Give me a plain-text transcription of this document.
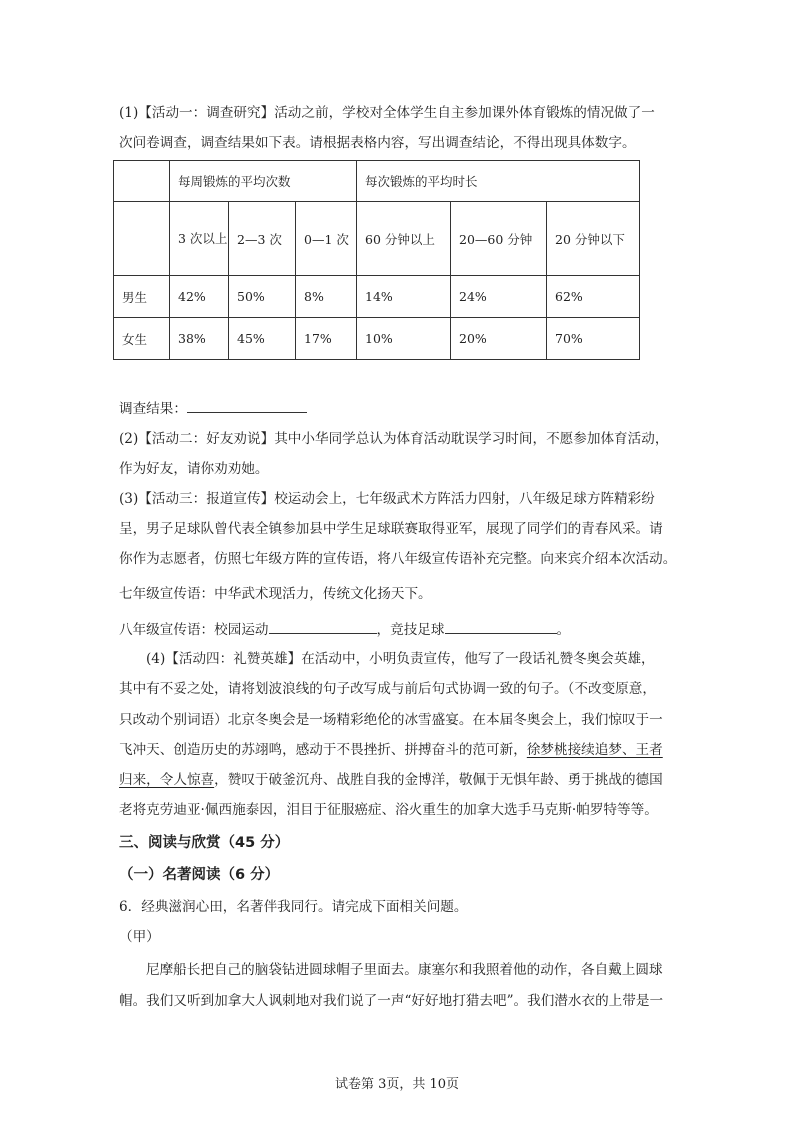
(1)【活动一：调查研究】活动之前，学校对全体学生自主参加课外体育锻炼的情况做了一
次问卷调查，调查结果如下表。请根据表格内容，写出调查结论，不得出现具体数字。
	每周锻炼的平均次数			每次锻炼的平均时长		
	3 次以上	2—3 次	0—1 次	60 分钟以上	20—60 分钟	20 分钟以下
男生	42%	50%	8%	14%	24%	62%
女生	38%	45%	17%	10%	20%	70%
调查结果：
(2)【活动二：好友劝说】其中小华同学总认为体育活动耽误学习时间，不愿参加体育活动，
作为好友，请你劝劝她。
(3)【活动三：报道宣传】校运动会上，七年级武术方阵活力四射，八年级足球方阵精彩纷
呈，男子足球队曾代表全镇参加县中学生足球联赛取得亚军，展现了同学们的青春风采。请
你作为志愿者，仿照七年级方阵的宣传语，将八年级宣传语补充完整。向来宾介绍本次活动。
七年级宣传语：中华武术现活力，传统文化扬天下。
八年级宣传语：校园运动	，竞技足球	。
(4)【活动四：礼赞英雄】在活动中，小明负责宣传，他写了一段话礼赞冬奥会英雄，
其中有不妥之处，请将划波浪线的句子改写成与前后句式协调一致的句子。（不改变原意，
只改动个别词语）北京冬奥会是一场精彩绝伦的冰雪盛宴。在本届冬奥会上，我们惊叹于一
飞冲天、创造历史的苏翊鸣，感动于不畏挫折、拼搏奋斗的范可新，徐梦桃接续追梦、王者
归来，令人惊喜，赞叹于破釜沉舟、战胜自我的金博洋，敬佩于无惧年龄、勇于挑战的德国
老将克劳迪亚·佩西施泰因，泪目于征服癌症、浴火重生的加拿大选手马克斯·帕罗特等等。
三、阅读与欣赏（45 分）
（一）名著阅读（6 分）
6．经典滋润心田，名著伴我同行。请完成下面相关问题。
（甲）
尼摩船长把自己的脑袋钻进圆球帽子里面去。康塞尔和我照着他的动作，各自戴上圆球
帽。我们又听到加拿大人讽刺地对我们说了一声“好好地打猎去吧”。我们潜水衣的上带是一
试卷第 3页，共 10页
